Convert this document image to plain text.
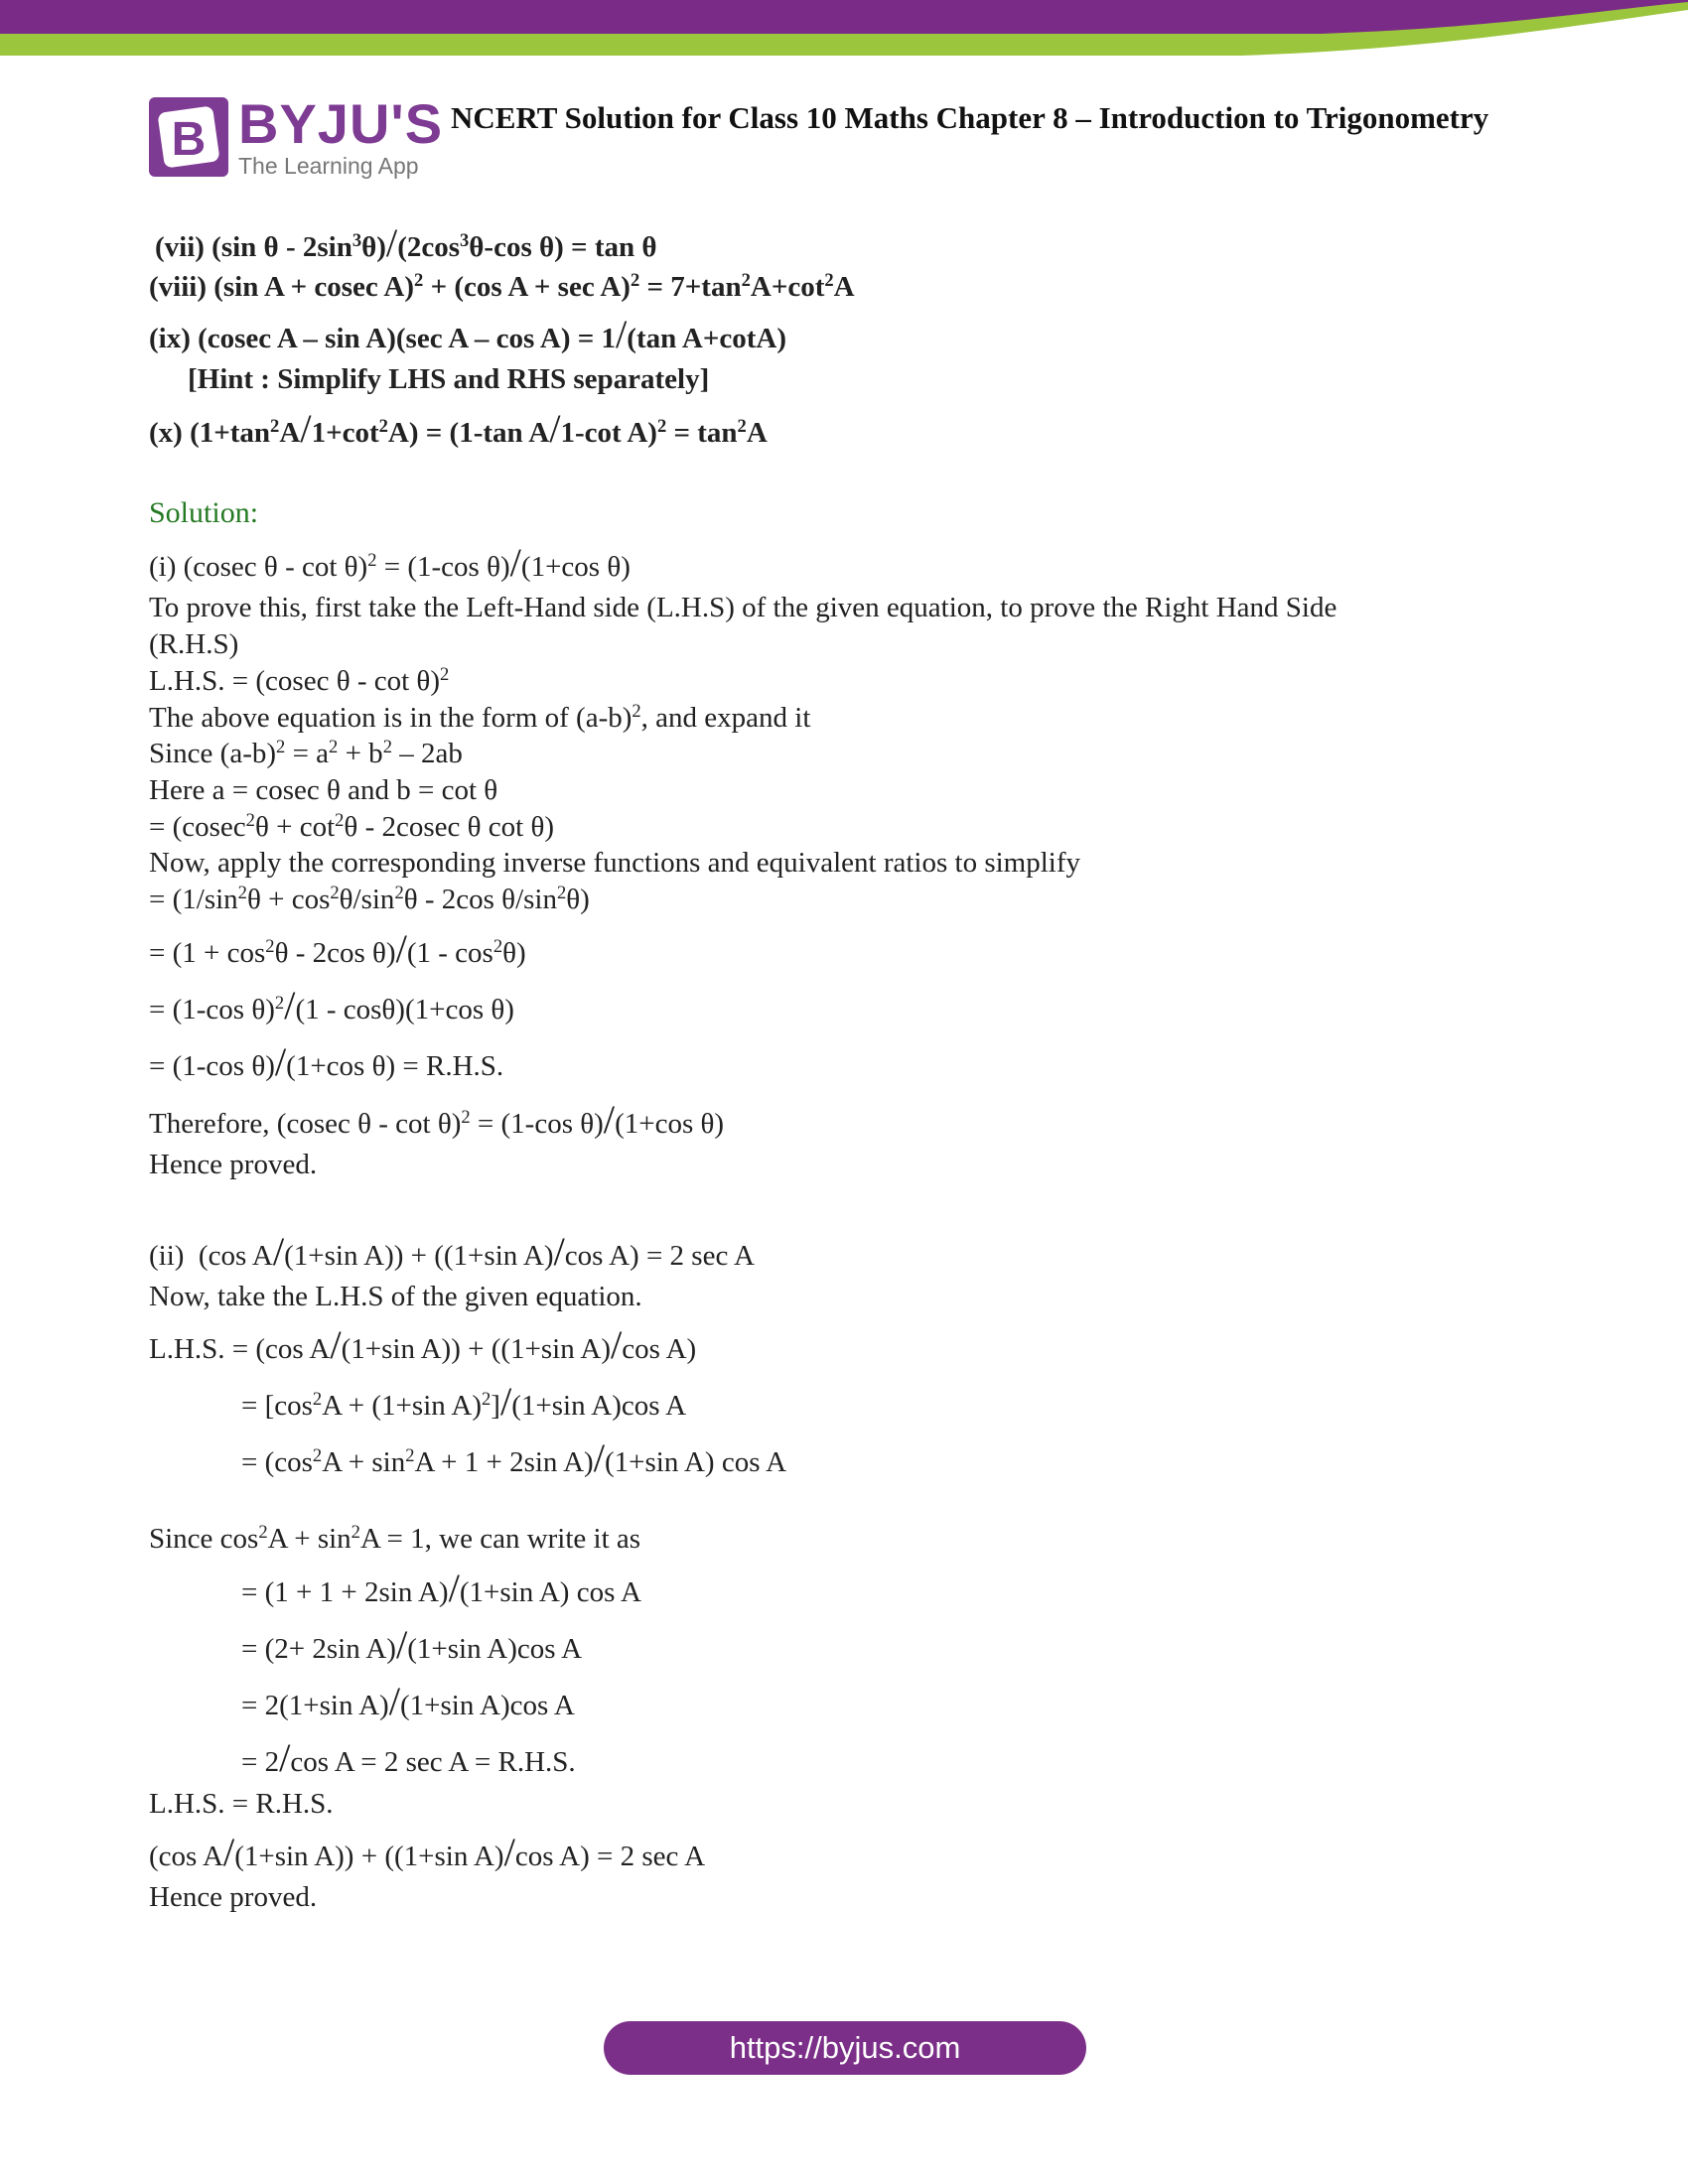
B BYJU'S
The Learning App
NCERT Solution for Class 10 Maths Chapter 8 – Introduction to Trigonometry
(vii) (sin θ - $2\sin^3\theta)/(2\cos^3\theta-\cos$ θ) = tan θ
(viii) (sin A + cosec A)$^2$ + (cos $A + \sec A)^2 = 7+\tan^2A+\cot^2A$
(ix) (cosec A – sin A)(sec A – cos A) = 1/(tan A+cotA)
[Hint : Simplify LHS and RHS separately]
(x) $(1+\tan^2A/1+\cot^2A) = (1-\tan$ A/1-cot $A)^2 = \tan^2A$
Solution:
(i) (cosec θ - cot θ)$^2$ = (1-cos θ)/(1+cos θ)
To prove this, first take the Left-Hand side (L.H.S) of the given equation, to prove the Right Hand Side
(R.H.S)
L.H.S. = (cosec θ - cot θ)$^2$
The above equation is in the form of $(a-b)^2$, and expand it
Since $(a-b)^2 = a^2 + b^2 - 2ab$
Here a = cosec θ and b = cot θ
= ($cosec^2\theta + \cot^2\theta - 2cosec$ θ cot θ)
Now, apply the corresponding inverse functions and equivalent ratios to simplify
= ($1/\sin^2\theta + \cos^2\theta/\sin^2\theta - 2\cos$ $\theta/\sin^2\theta$)
= ($1 + \cos^2\theta - 2\cos$ $\theta)/(1 - \cos^2\theta)$
= (1-cos θ)$^2$/(1 - cosθ)(1+cos θ)
= (1-cos θ)/(1+cos θ) = R.H.S.
Therefore, (cosec θ - cot θ)$^2$ = (1-cos θ)/(1+cos θ)
Hence proved.
(ii)  (cos A/(1+sin A)) + ((1+sin A)/cos A) = 2 sec A
Now, take the L.H.S of the given equation.
L.H.S. = (cos A/(1+sin A)) + ((1+sin A)/cos A)
= [$\cos^2A + (1+\sin$ A)$^2$]/(1+sin A)cos A
= ($\cos^2A + \sin^2A + 1 + 2\sin$ A)/(1+sin A) cos A
Since $\cos^2A + \sin^2A = 1$, we can write it as
= (1 + 1 + 2sin A)/(1+sin A) cos A
= (2+ 2sin A)/(1+sin A)cos A
= 2(1+sin A)/(1+sin A)cos A
= 2/cos A = 2 sec A = R.H.S.
L.H.S. = R.H.S.
(cos A/(1+sin A)) + ((1+sin A)/cos A) = 2 sec A
Hence proved.
https://byjus.com
